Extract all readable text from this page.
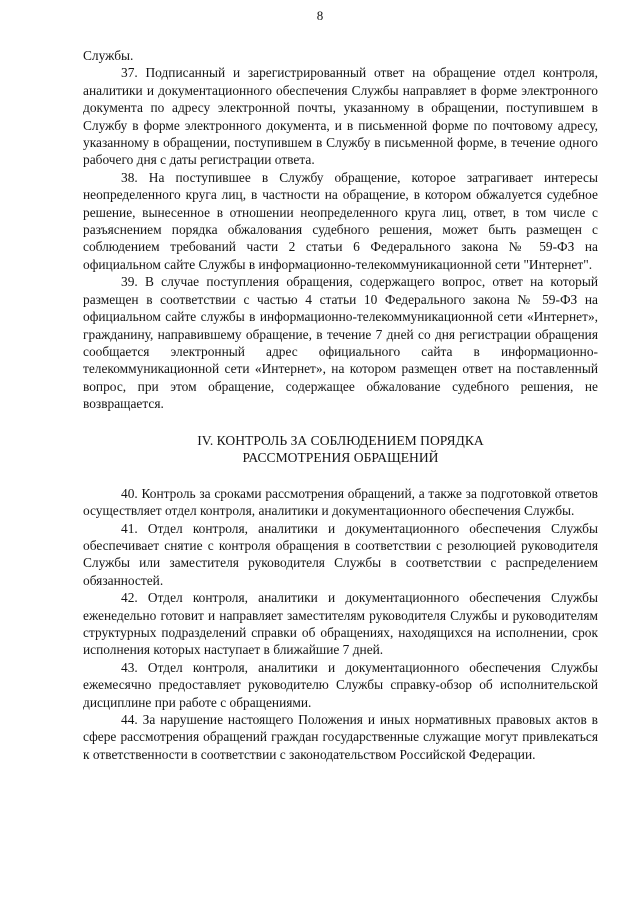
8

Службы.

37. Подписанный и зарегистрированный ответ на обращение отдел контроля, аналитики и документационного обеспечения Службы направляет в форме электронного документа по адресу электронной почты, указанному в обращении, поступившем в Службу в форме электронного документа, и в письменной форме по почтовому адресу, указанному в обращении, поступившем в Службу в письменной форме, в течение одного рабочего дня с даты регистрации ответа.

38. На поступившее в Службу обращение, которое затрагивает интересы неопределенного круга лиц, в частности на обращение, в котором обжалуется судебное решение, вынесенное в отношении неопределенного круга лиц, ответ, в том числе с разъяснением порядка обжалования судебного решения, может быть размещен с соблюдением требований части 2 статьи 6 Федерального закона № 59-ФЗ на официальном сайте Службы в информационно-телекоммуникационной сети "Интернет".

39. В случае поступления обращения, содержащего вопрос, ответ на который размещен в соответствии с частью 4 статьи 10 Федерального закона № 59-ФЗ на официальном сайте службы в информационно-телекоммуникационной сети «Интернет», гражданину, направившему обращение, в течение 7 дней со дня регистрации обращения сообщается электронный адрес официального сайта в информационно-телекоммуникационной сети «Интернет», на котором размещен ответ на поставленный вопрос, при этом обращение, содержащее обжалование судебного решения, не возвращается.

IV. КОНТРОЛЬ ЗА СОБЛЮДЕНИЕМ ПОРЯДКА
РАССМОТРЕНИЯ ОБРАЩЕНИЙ

40. Контроль за сроками рассмотрения обращений, а также за подготовкой ответов осуществляет отдел контроля, аналитики и документационного обеспечения Службы.

41. Отдел контроля, аналитики и документационного обеспечения Службы обеспечивает снятие с контроля обращения в соответствии с резолюцией руководителя Службы или заместителя руководителя Службы в соответствии с распределением обязанностей.

42. Отдел контроля, аналитики и документационного обеспечения Службы еженедельно готовит и направляет заместителям руководителя Службы и руководителям структурных подразделений справки об обращениях, находящихся на исполнении, срок исполнения которых наступает в ближайшие 7 дней.

43. Отдел контроля, аналитики и документационного обеспечения Службы ежемесячно предоставляет руководителю Службы справку-обзор об исполнительской дисциплине при работе с обращениями.

44. За нарушение настоящего Положения и иных нормативных правовых актов в сфере рассмотрения обращений граждан государственные служащие могут привлекаться к ответственности в соответствии с законодательством Российской Федерации.
